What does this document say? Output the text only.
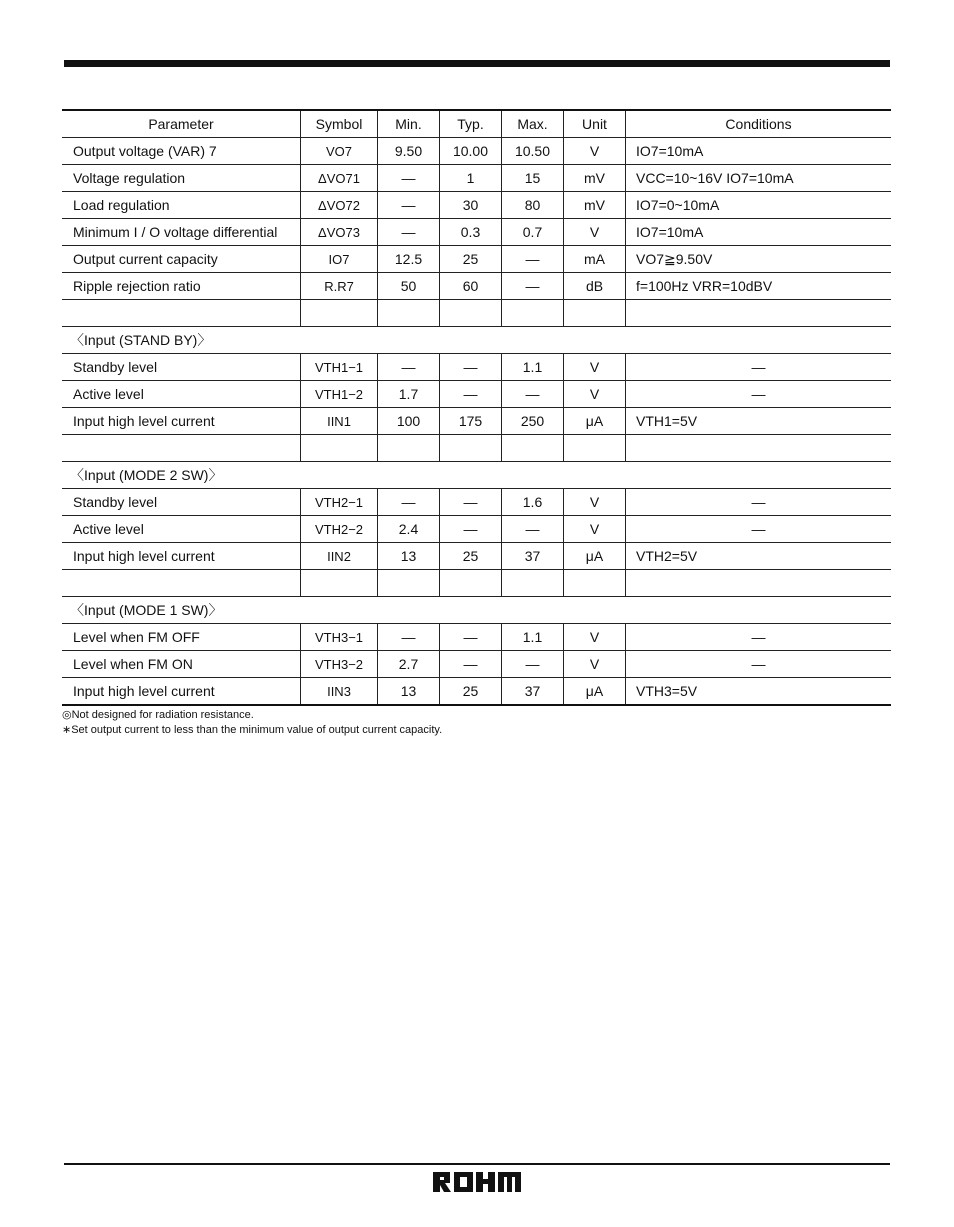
Parameter	Symbol	Min.	Typ.	Max.	Unit	Conditions
Output voltage (VAR) 7	VO7	9.50	10.00	10.50	V	IO7=10mA
Voltage regulation	ΔVO71	—	1	15	mV	VCC=10~16V IO7=10mA
Load regulation	ΔVO72	—	30	80	mV	IO7=0~10mA
Minimum I / O voltage differential	ΔVO73	—	0.3	0.7	V	IO7=10mA
Output current capacity	IO7	12.5	25	—	mA	VO7≧9.50V
Ripple rejection ratio	R.R7	50	60	—	dB	f=100Hz VRR=10dBV

〈Input (STAND BY)〉						
Standby level	VTH1−1	—	—	1.1	V	—
Active level	VTH1−2	1.7	—	—	V	—
Input high level current	IIN1	100	175	250	μA	VTH1=5V

〈Input (MODE 2 SW)〉						
Standby level	VTH2−1	—	—	1.6	V	—
Active level	VTH2−2	2.4	—	—	V	—
Input high level current	IIN2	13	25	37	μA	VTH2=5V

〈Input (MODE 1 SW)〉						
Level when FM OFF	VTH3−1	—	—	1.1	V	—
Level when FM ON	VTH3−2	2.7	—	—	V	—
Input high level current	IIN3	13	25	37	μA	VTH3=5V
◎Not designed for radiation resistance.
∗Set output current to less than the minimum value of output current capacity.
